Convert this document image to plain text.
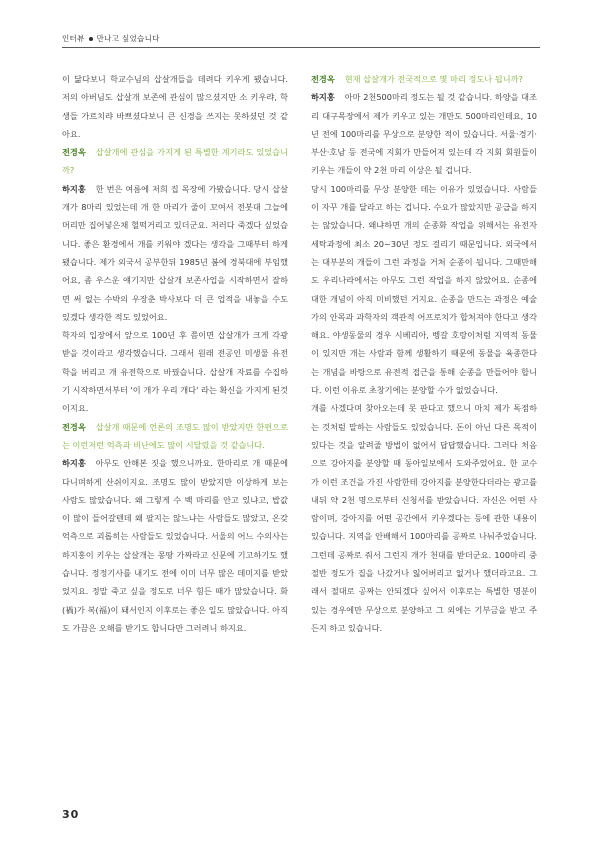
인터뷰 만나고 싶었습니다

이 닮다보니 학교수님의 삽살개들을 데려다 키우게 됐습니다. 저의 아버님도 삽살개 보존에 관심이 많으셨지만 소 키우랴, 학생들 가르치랴 바쁘셨다보니 큰 신경을 쓰지는 못하셨던 것 같아요.

전경옥 삽살개에 관심을 가지게 된 특별한 계기라도 있었습니까?

하지홍 한 번은 여름에 저희 집 목장에 가봤습니다. 당시 삽살개가 8마리 있었는데 개 한 마리가 줄이 꼬여서 전봇대 그늘에 머리만 집어넣은채 헐떡거리고 있더군요. 저러다 죽겠다 싶었습니다. 좋은 환경에서 개를 키워야 겠다는 생각을 그때부터 하게 됐습니다. 제가 외국서 공부한뒤 1985년 봄에 경북대에 부임했어요, 좀 우스운 얘기지만 삽살개 보존사업을 시작하면서 잘하면 써 없는 수박의 우장춘 박사보다 더 큰 업적을 내놓을 수도 있겠다 생각한 적도 있었어요.

학자의 입장에서 앞으로 100년 후 쯤이면 삽살개가 크게 각광받을 것이라고 생각했습니다. 그래서 원래 전공인 미생물 유전학을 버리고 개 유전학으로 바꿨습니다. 삽살개 자료를 수집하기 시작하면서부터 '이 개가 우리 개다' 라는 확신을 가지게 된것이지요.

전경옥 삽살개 때문에 언론의 조명도 많이 받았지만 한편으로는 이런저런 억측과 비난에도 많이 시달렸을 것 같습니다.

하지홍 아무도 안해본 짓을 했으니까요. 한마리로 개 때문에 다니며하게 산쉬이지요. 조명도 많이 받았지만 이상하게 보는 사람도 많았습니다. 왜 그렇게 수 백 마리를 안고 있냐고, 밥값이 많이 들어갈텐데 왜 팔지는 않느냐는 사람들도 많았고, 온갖 억측으로 괴롭히는 사람들도 있었습니다. 서울의 어느 수의사는 하지홍이 키우는 삽살개는 몽땅 가짜라고 신문에 기고하기도 했습니다. 정정기사를 내기도 전에 이미 너무 많은 데미지를 받았었지요. 정말 죽고 싶을 정도로 너무 힘든 때가 많았습니다. 화(禍)가 복(福)이 돼서인지 이후로는 좋은 일도 많았습니다. 아직도 가끔은 오해를 받기도 합니다만 그러려니 하지요.

전경옥 현재 삽살개가 전국적으로 몇 마리 정도나 됩니까?

하지홍 아마 2천500마리 정도는 될 것 같습니다. 하양을 대조리 대구목장에서 제가 키우고 있는 개만도 500마리인데요, 10년 전에 100마리를 무상으로 분양한 적이 있습니다. 서울·경기·부산·호남 등 전국에 지회가 만들어져 있는데 각 지회 회원들이 키우는 개들이 약 2천 마리 이상은 될 겁니다.

당시 100마리를 무상 분양한 데는 이유가 있었습니다. 사람들이 자꾸 개를 달라고 하는 겁니다. 수요가 많았지만 공급을 하지는 않았습니다. 왜냐하면 개의 순종화 작업을 위해서는 유전자 세탁과정에 최소 20~30년 정도 걸리기 때문입니다. 외국에서는 대부분의 개들이 그런 과정을 거쳐 순종이 됩니다. 그때만해도 우리나라에서는 아무도 그런 작업을 하지 않았어요. 순종에 대한 개념이 아직 미비했던 거지요. 순종을 만드는 과정은 예술가의 안목과 과학자의 객관적 어프로치가 합쳐져야 한다고 생각해요. 야생동물의 경우 시베리아, 벵갈 호랑이처럼 지역적 동물이 있지만 개는 사람과 함께 생활하기 때문에 동물을 육종한다는 개념을 바탕으로 유전적 접근을 통해 순종을 만들어야 합니다. 이런 이유로 초창기에는 분양할 수가 없었습니다.

개를 사겠다며 찾아오는데 못 판다고 했으니 마치 제가 독점하는 것처럼 말하는 사람들도 있었습니다. 돈이 아닌 다른 목적이 있다는 것을 알려줄 방법이 없어서 답답했습니다. 그러다 처음으로 강아지를 분양할 때 동아일보에서 도와주었어요. 한 교수가 이런 조건을 가진 사람한테 강아지를 분양한다더라는 광고를 내뒤 약 2천 명으로부터 신청서를 받았습니다. 자신은 어떤 사람이며, 강아지를 어떤 공간에서 키우겠다는 등에 관한 내용이 있습니다. 지역을 안배해서 100마리를 공짜로 나눠주었습니다. 그런데 공짜로 줘서 그런지 개가 천대를 받더군요. 100마리 중 절반 정도가 집을 나갔거나 잃어버리고 없거나 했더라고요. 그래서 절대로 공짜는 안되겠다 싶어서 이후로는 특별한 명분이 있는 경우에만 무상으로 분양하고 그 외에는 기부금을 받고 주든지 하고 있습니다.

30
